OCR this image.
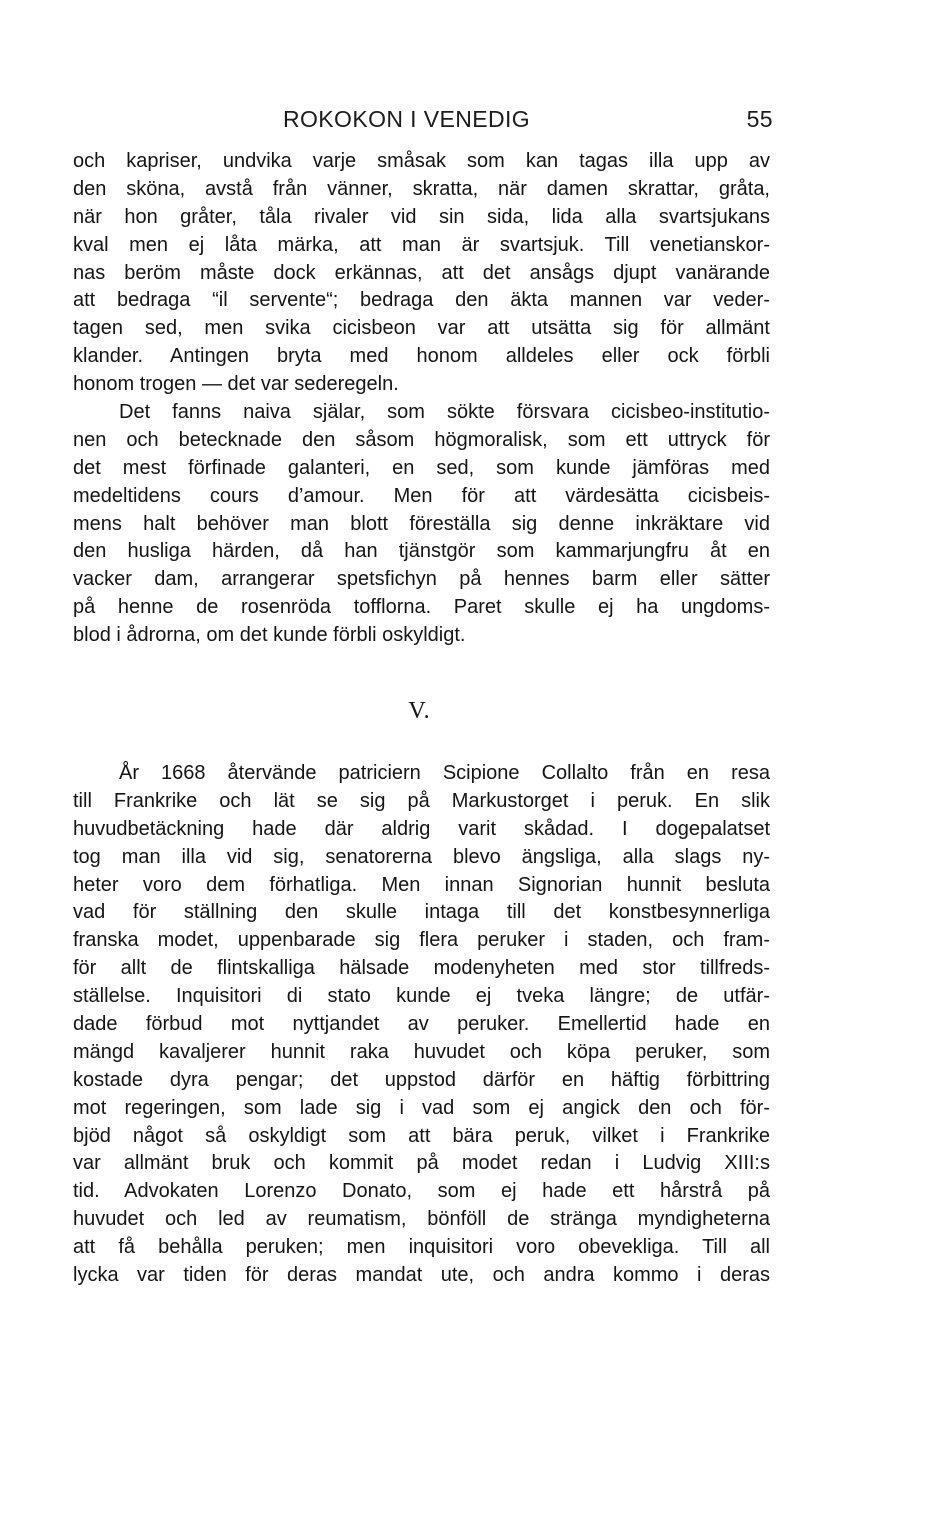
ROKOKON I VENEDIG	55
och kapriser, undvika varje småsak som kan tagas illa upp av
den sköna, avstå från vänner, skratta, när damen skrattar, gråta,
när hon gråter, tåla rivaler vid sin sida, lida alla svartsjukans
kval men ej låta märka, att man är svartsjuk. Till venetianskor-
nas beröm måste dock erkännas, att det ansågs djupt vanärande
att bedraga “il servente“; bedraga den äkta mannen var veder-
tagen sed, men svika cicisbeon var att utsätta sig för allmänt
klander. Antingen bryta med honom alldeles eller ock förbli
honom trogen — det var sederegeln.
Det fanns naiva själar, som sökte försvara cicisbeo-institutio-
nen och betecknade den såsom högmoralisk, som ett uttryck för
det mest förfinade galanteri, en sed, som kunde jämföras med
medeltidens cours d’amour. Men för att värdesätta cicisbeis-
mens halt behöver man blott föreställa sig denne inkräktare vid
den husliga härden, då han tjänstgör som kammarjungfru åt en
vacker dam, arrangerar spetsfichyn på hennes barm eller sätter
på henne de rosenröda tofflorna. Paret skulle ej ha ungdoms-
blod i ådrorna, om det kunde förbli oskyldigt.
V.
År 1668 återvände patriciern Scipione Collalto från en resa
till Frankrike och lät se sig på Markustorget i peruk. En slik
huvudbetäckning hade där aldrig varit skådad. I dogepalatset
tog man illa vid sig, senatorerna blevo ängsliga, alla slags ny-
heter voro dem förhatliga. Men innan Signorian hunnit besluta
vad för ställning den skulle intaga till det konstbesynnerliga
franska modet, uppenbarade sig flera peruker i staden, och fram-
för allt de flintskalliga hälsade modenyheten med stor tillfreds-
ställelse. Inquisitori di stato kunde ej tveka längre; de utfär-
dade förbud mot nyttjandet av peruker. Emellertid hade en
mängd kavaljerer hunnit raka huvudet och köpa peruker, som
kostade dyra pengar; det uppstod därför en häftig förbittring
mot regeringen, som lade sig i vad som ej angick den och för-
bjöd något så oskyldigt som att bära peruk, vilket i Frankrike
var allmänt bruk och kommit på modet redan i Ludvig XIII:s
tid. Advokaten Lorenzo Donato, som ej hade ett hårstrå på
huvudet och led av reumatism, bönföll de stränga myndigheterna
att få behålla peruken; men inquisitori voro obevekliga. Till all
lycka var tiden för deras mandat ute, och andra kommo i deras
